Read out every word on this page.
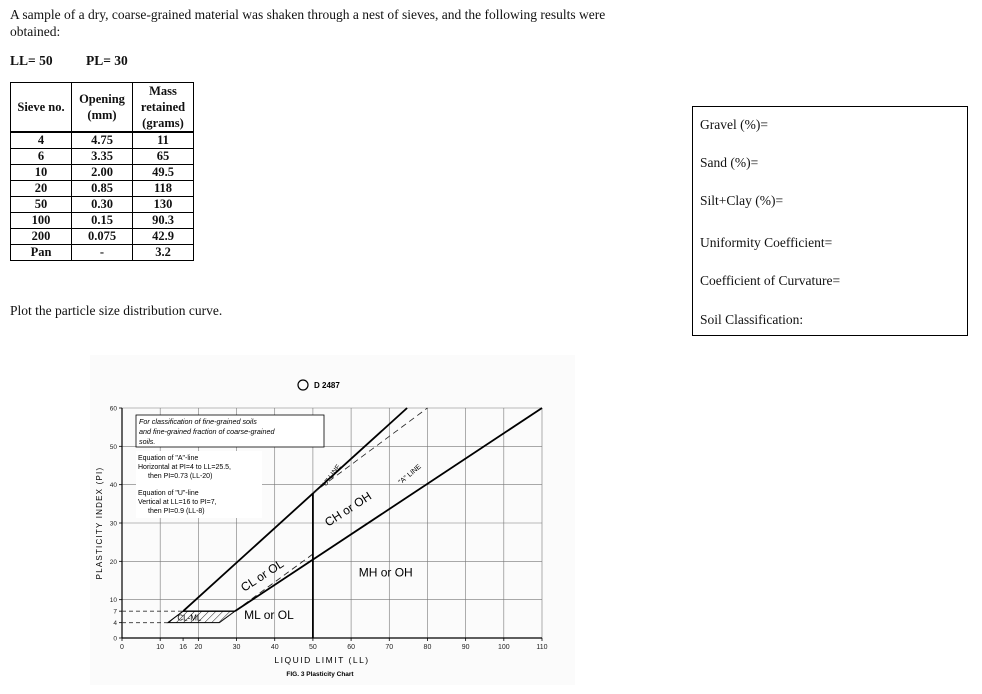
A sample of a dry, coarse-grained material was shaken through a nest of sieves, and the following results were obtained:
LL= 50 PL= 30
Sieve no.	Opening (mm)	Mass retained (grams)
4	4.75	11
6	3.35	65
10	2.00	49.5
20	0.85	118
50	0.30	130
100	0.15	90.3
200	0.075	42.9
Pan	-	3.2
Plot the particle size distribution curve.
Gravel (%)=
Sand (%)=
Silt+Clay (%)=
Uniformity Coefficient=
Coefficient of Curvature=
Soil Classification:
0	10 16 20	30	40	50	60	70	80	90	100	110
0
4
7
10
20
30
40
50
60
D 2487
FIG. 3 Plasticity Chart
LIQUID LIMIT (LL)
PLASTICITY INDEX (PI)
For classification of fine-grained soils
and fine-grained fraction of coarse-grained
soils.
Equation of "A"-line
Horizontal at PI=4 to LL=25.5,
then PI=0.73 (LL-20)
Equation of "U"-line
Vertical at LL=16 to PI=7,
then PI=0.9 (LL-8)	CH or OH
CL or OL	MH or OH
ML or OL
CL-ML
"U" LINE	"A" LINE
